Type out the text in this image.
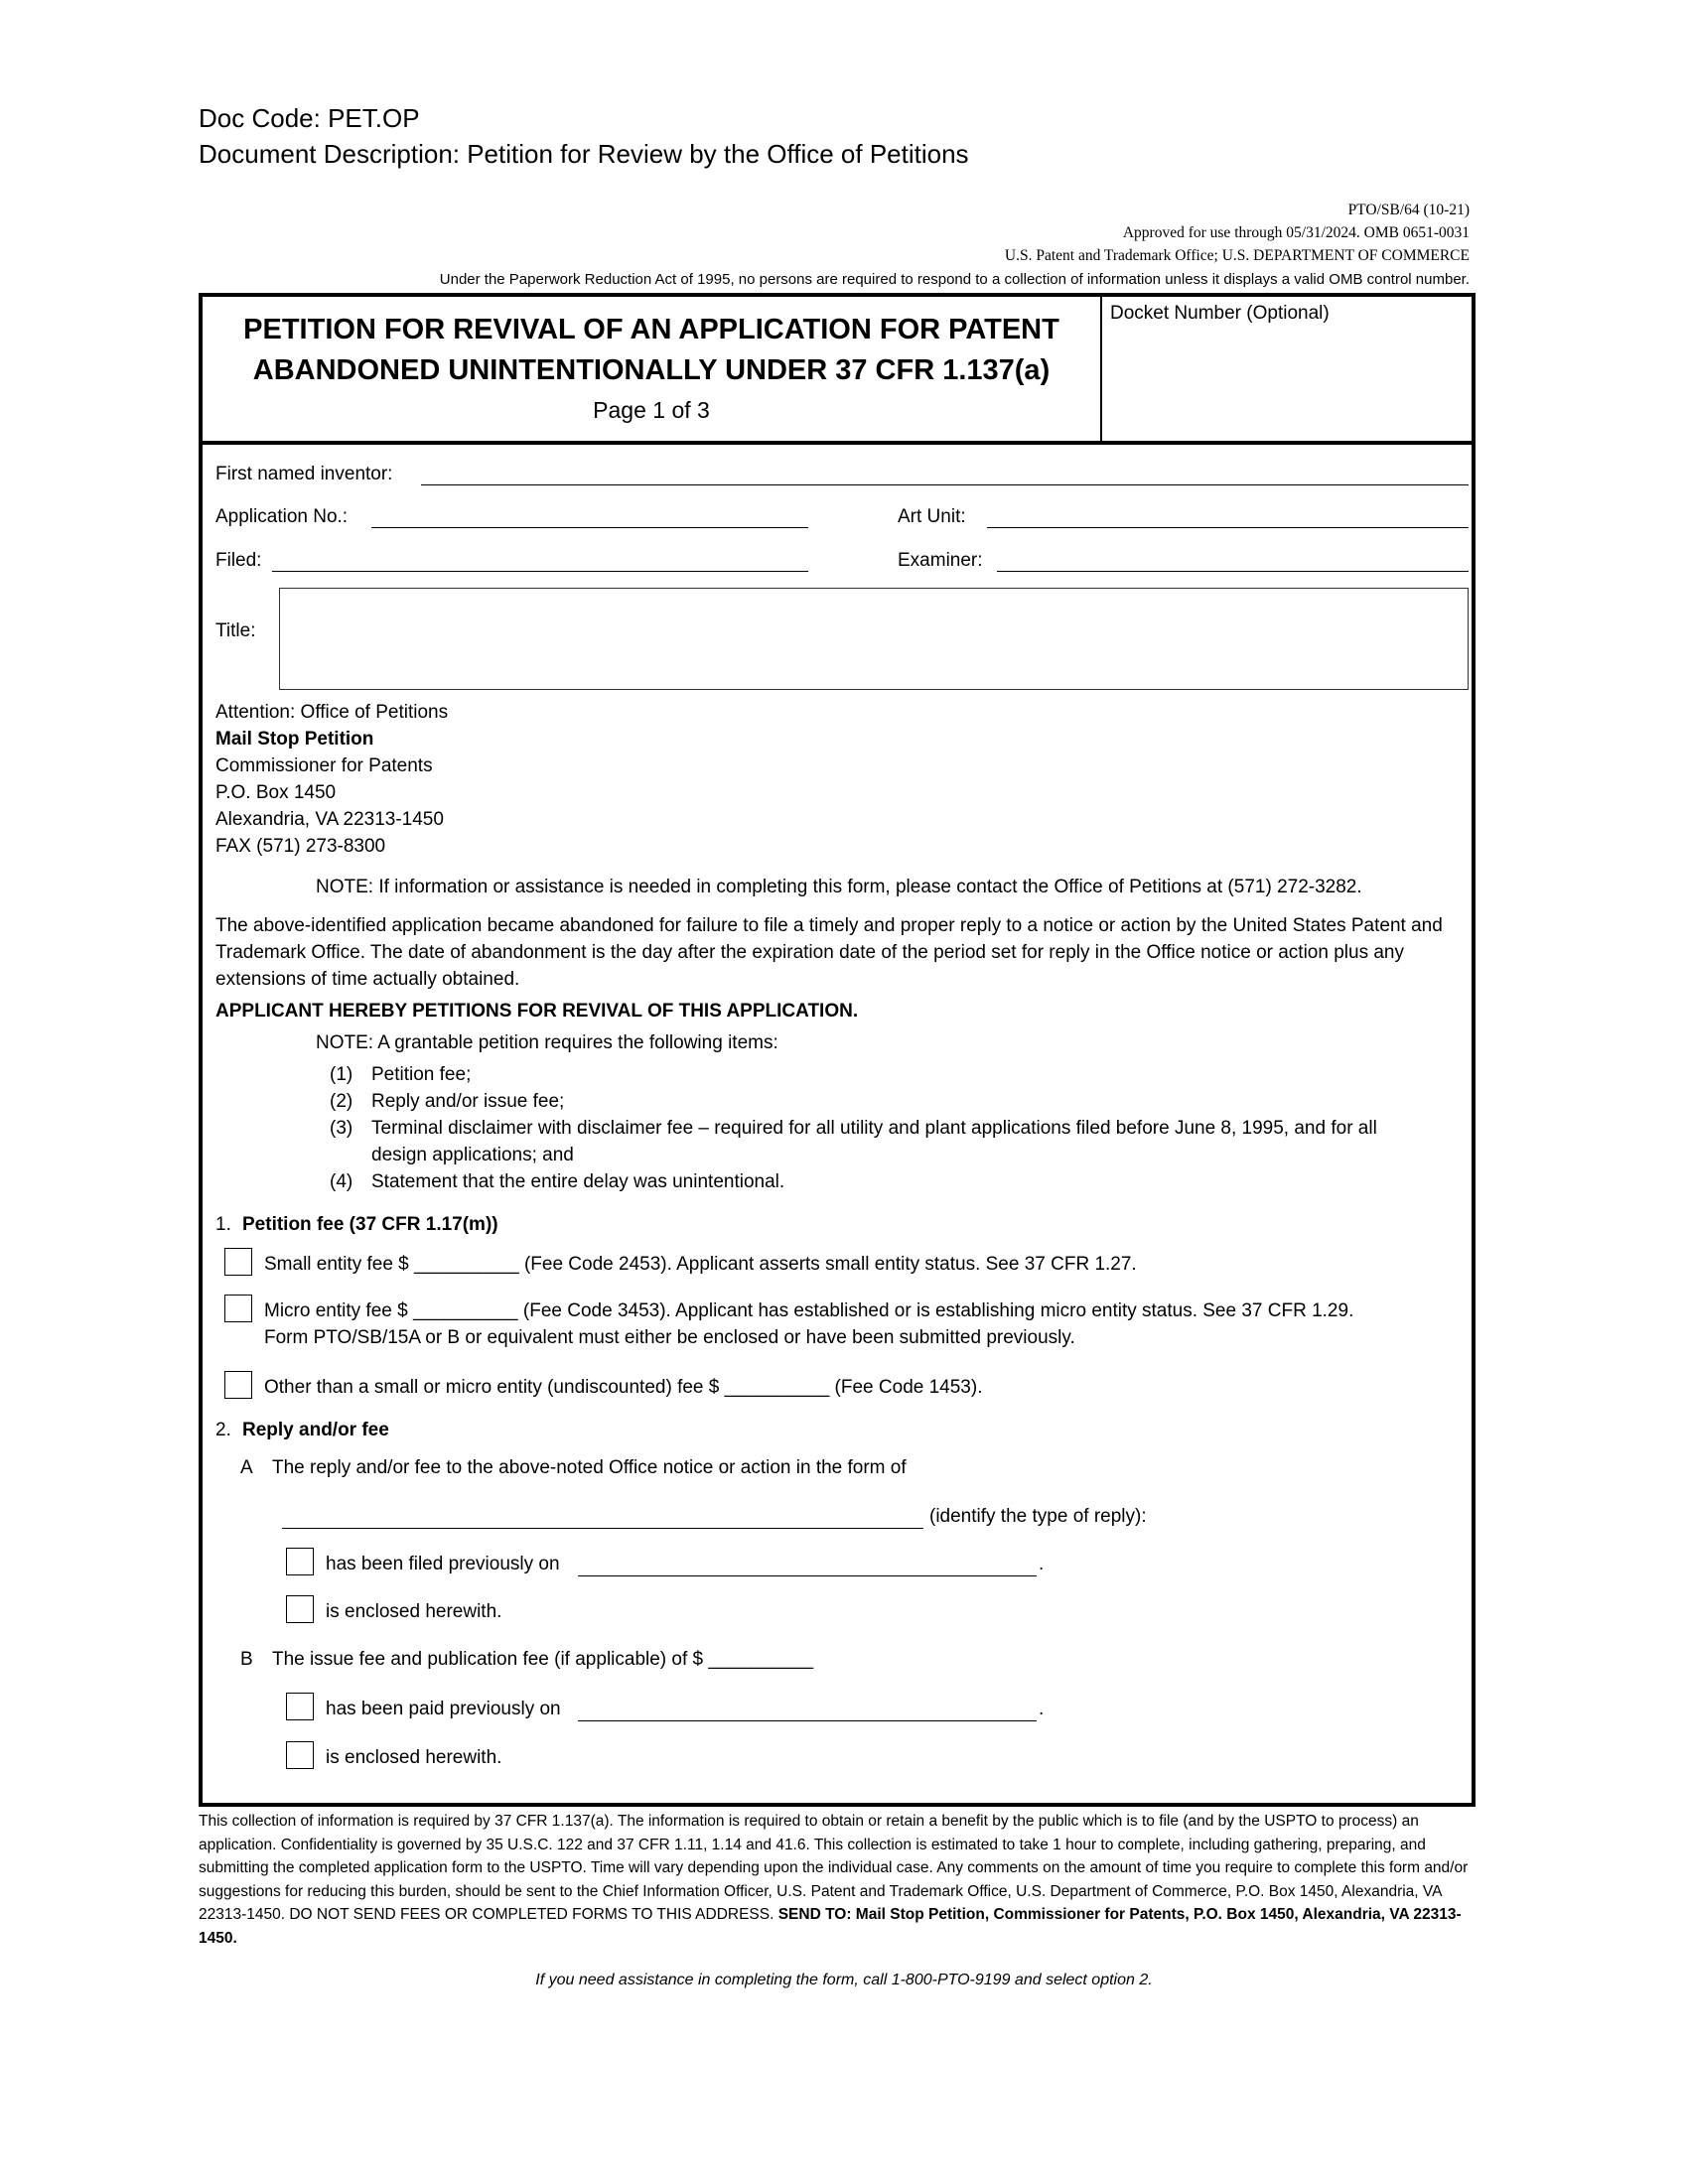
Doc Code: PET.OP
Document Description: Petition for Review by the Office of Petitions
PTO/SB/64 (10-21)
Approved for use through 05/31/2024. OMB 0651-0031
U.S. Patent and Trademark Office; U.S. DEPARTMENT OF COMMERCE
Under the Paperwork Reduction Act of 1995, no persons are required to respond to a collection of information unless it displays a valid OMB control number.
PETITION FOR REVIVAL OF AN APPLICATION FOR PATENT
ABANDONED UNINTENTIONALLY UNDER 37 CFR 1.137(a)
Page 1 of 3
Docket Number (Optional)
First named inventor:
Application No.:	Art Unit:
Filed:	Examiner:
Title:
Attention: Office of Petitions
Mail Stop Petition
Commissioner for Patents
P.O. Box 1450
Alexandria, VA 22313-1450
FAX (571) 273-8300
NOTE: If information or assistance is needed in completing this form, please contact the Office of Petitions at (571) 272-3282.
The above-identified application became abandoned for failure to file a timely and proper reply to a notice or action by the United States Patent and Trademark Office. The date of abandonment is the day after the expiration date of the period set for reply in the Office notice or action plus any extensions of time actually obtained.
APPLICANT HEREBY PETITIONS FOR REVIVAL OF THIS APPLICATION.
NOTE: A grantable petition requires the following items:
(1) Petition fee;
(2) Reply and/or issue fee;
(3) Terminal disclaimer with disclaimer fee – required for all utility and plant applications filed before June 8, 1995, and for all
design applications; and
(4) Statement that the entire delay was unintentional.
1. Petition fee (37 CFR 1.17(m))
Small entity fee $ __________ (Fee Code 2453). Applicant asserts small entity status. See 37 CFR 1.27.
Micro entity fee $ __________ (Fee Code 3453). Applicant has established or is establishing micro entity status. See 37 CFR 1.29.
Form PTO/SB/15A or B or equivalent must either be enclosed or have been submitted previously.
Other than a small or micro entity (undiscounted) fee $ __________ (Fee Code 1453).
2. Reply and/or fee
A The reply and/or fee to the above-noted Office notice or action in the form of
(identify the type of reply):
has been filed previously on	.
is enclosed herewith.
B The issue fee and publication fee (if applicable) of $ __________
has been paid previously on	.
is enclosed herewith.
This collection of information is required by 37 CFR 1.137(a). The information is required to obtain or retain a benefit by the public which is to file (and by the USPTO to process) an application. Confidentiality is governed by 35 U.S.C. 122 and 37 CFR 1.11, 1.14 and 41.6. This collection is estimated to take 1 hour to complete, including gathering, preparing, and submitting the completed application form to the USPTO. Time will vary depending upon the individual case. Any comments on the amount of time you require to complete this form and/or suggestions for reducing this burden, should be sent to the Chief Information Officer, U.S. Patent and Trademark Office, U.S. Department of Commerce, P.O. Box 1450, Alexandria, VA 22313-1450. DO NOT SEND FEES OR COMPLETED FORMS TO THIS ADDRESS. SEND TO: Mail Stop Petition, Commissioner for Patents, P.O. Box 1450, Alexandria, VA 22313-1450.
If you need assistance in completing the form, call 1-800-PTO-9199 and select option 2.
